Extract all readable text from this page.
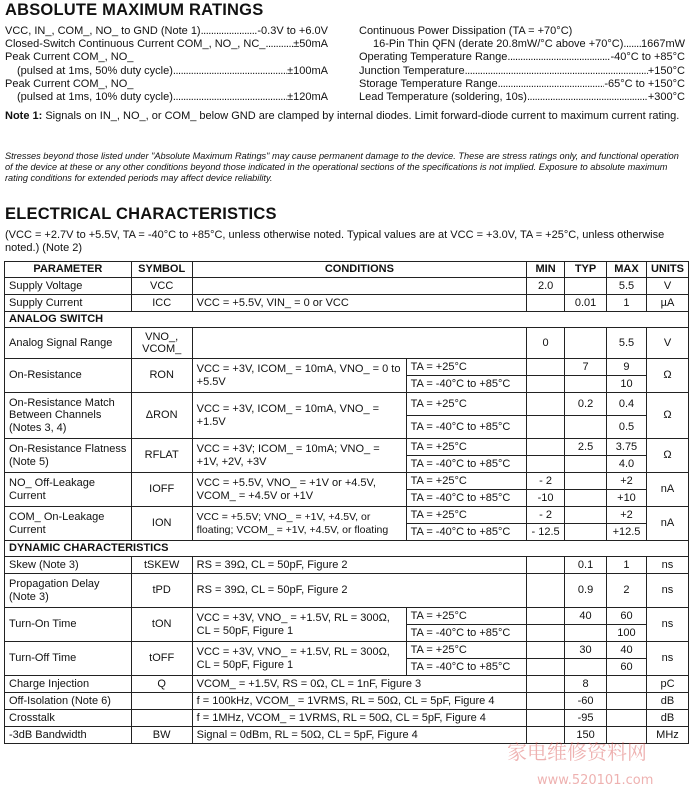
ABSOLUTE MAXIMUM RATINGS
VCC, IN_, COM_, NO_ to GND (Note 1) .....	-0.3V to +6.0V
Closed-Switch Continuous Current COM_, NO_, NC_ .....	±50mA
Peak Current COM_, NO_
(pulsed at 1ms, 50% duty cycle) .....	±100mA
Peak Current COM_, NO_
(pulsed at 1ms, 10% duty cycle) .....	±120mA
Continuous Power Dissipation (TA = +70°C)
16-Pin Thin QFN (derate 20.8mW/°C above +70°C) ..... 1667mW
Operating Temperature Range .....	-40°C to +85°C
Junction Temperature .....	+150°C
Storage Temperature Range .....	-65°C to +150°C
Lead Temperature (soldering, 10s) .....	+300°C
Note 1: Signals on IN_, NO_, or COM_ below GND are clamped by internal diodes. Limit forward-diode current to maximum current rating.
Stresses beyond those listed under "Absolute Maximum Ratings" may cause permanent damage to the device. These are stress ratings only, and functional operation of the device at these or any other conditions beyond those indicated in the operational sections of the specifications is not implied. Exposure to absolute maximum rating conditions for extended periods may affect device reliability.
ELECTRICAL CHARACTERISTICS
(VCC = +2.7V to +5.5V, TA = -40°C to +85°C, unless otherwise noted. Typical values are at VCC = +3.0V, TA = +25°C, unless otherwise noted.) (Note 2)
PARAMETER	SYMBOL	CONDITIONS		MIN	TYP	MAX	UNITS
Supply Voltage	VCC			2.0		5.5	V
Supply Current	ICC	VCC = +5.5V, VIN_ = 0 or VCC			0.01	1	µA
ANALOG SWITCH							
Analog Signal Range	VNO_, VCOM_			0		5.5	V
On-Resistance	RON	VCC = +3V, ICOM_ = 10mA, VNO_ = 0 to +5.5V	TA = +25°C		7	9	Ω
			TA = -40°C to +85°C			10	
On-Resistance Match Between Channels (Notes 3, 4)	ΔRON	VCC = +3V, ICOM_ = 10mA, VNO_ = +1.5V	TA = +25°C		0.2	0.4	Ω
			TA = -40°C to +85°C			0.5	
On-Resistance Flatness (Note 5)	RFLAT	VCC = +3V; ICOM_ = 10mA; VNO_ = +1V, +2V, +3V	TA = +25°C		2.5	3.75	Ω
			TA = -40°C to +85°C			4.0	
NO_ Off-Leakage Current	IOFF	VCC = +5.5V, VNO_ = +1V or +4.5V, VCOM_ = +4.5V or +1V	TA = +25°C	- 2		+2	nA
			TA = -40°C to +85°C	-10		+10	
COM_ On-Leakage Current	ION	VCC = +5.5V; VNO_ = +1V, +4.5V, or floating; VCOM_ = +1V, +4.5V, or floating	TA = +25°C	- 2		+2	nA
			TA = -40°C to +85°C	- 12.5		+12.5	
DYNAMIC CHARACTERISTICS							
Skew (Note 3)	tSKEW	RS = 39Ω, CL = 50pF, Figure 2			0.1	1	ns
Propagation Delay (Note 3)	tPD	RS = 39Ω, CL = 50pF, Figure 2			0.9	2	ns
Turn-On Time	tON	VCC = +3V, VNO_ = +1.5V, RL = 300Ω, CL = 50pF, Figure 1	TA = +25°C		40	60	ns
			TA = -40°C to +85°C			100	
Turn-Off Time	tOFF	VCC = +3V, VNO_ = +1.5V, RL = 300Ω, CL = 50pF, Figure 1	TA = +25°C		30	40	ns
			TA = -40°C to +85°C			60	
Charge Injection	Q	VCOM_ = +1.5V, RS = 0Ω, CL = 1nF, Figure 3			8		pC
Off-Isolation (Note 6)		f = 100kHz, VCOM_ = 1VRMS, RL = 50Ω, CL = 5pF, Figure 4			-60		dB
Crosstalk		f = 1MHz, VCOM_ = 1VRMS, RL = 50Ω, CL = 5pF, Figure 4			-95		dB
-3dB Bandwidth	BW	Signal = 0dBm, RL = 50Ω, CL = 5pF, Figure 4			150		MHz
家电维修资料网
www.520101.com
